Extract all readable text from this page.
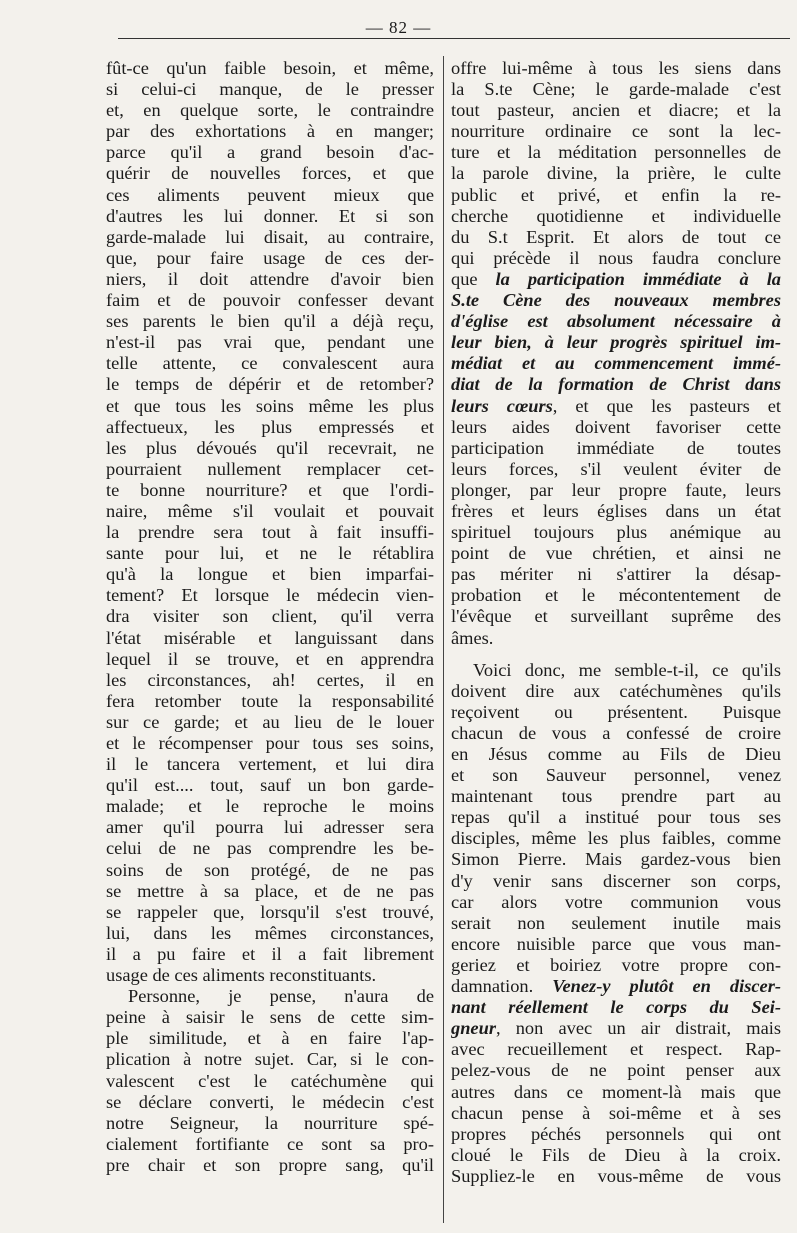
— 82 —
fût-ce qu'un faible besoin, et même,
si celui-ci manque, de le presser
et, en quelque sorte, le contraindre
par des exhortations à en manger;
parce qu'il a grand besoin d'ac-
quérir de nouvelles forces, et que
ces aliments peuvent mieux que
d'autres les lui donner. Et si son
garde-malade lui disait, au contraire,
que, pour faire usage de ces der-
niers, il doit attendre d'avoir bien
faim et de pouvoir confesser devant
ses parents le bien qu'il a déjà reçu,
n'est-il pas vrai que, pendant une
telle attente, ce convalescent aura
le temps de dépérir et de retomber?
et que tous les soins même les plus
affectueux, les plus empressés et
les plus dévoués qu'il recevrait, ne
pourraient nullement remplacer cet-
te bonne nourriture? et que l'ordi-
naire, même s'il voulait et pouvait
la prendre sera tout à fait insuffi-
sante pour lui, et ne le rétablira
qu'à la longue et bien imparfai-
tement? Et lorsque le médecin vien-
dra visiter son client, qu'il verra
l'état misérable et languissant dans
lequel il se trouve, et en apprendra
les circonstances, ah! certes, il en
fera retomber toute la responsabilité
sur ce garde; et au lieu de le louer
et le récompenser pour tous ses soins,
il le tancera vertement, et lui dira
qu'il est.... tout, sauf un bon garde-
malade; et le reproche le moins
amer qu'il pourra lui adresser sera
celui de ne pas comprendre les be-
soins de son protégé, de ne pas
se mettre à sa place, et de ne pas
se rappeler que, lorsqu'il s'est trouvé,
lui, dans les mêmes circonstances,
il a pu faire et il a fait librement
usage de ces aliments reconstituants.
Personne, je pense, n'aura de
peine à saisir le sens de cette sim-
ple similitude, et à en faire l'ap-
plication à notre sujet. Car, si le con-
valescent c'est le catéchumène qui
se déclare converti, le médecin c'est
notre Seigneur, la nourriture spé-
cialement fortifiante ce sont sa pro-
pre chair et son propre sang, qu'il
offre lui-même à tous les siens dans
la S.te Cène; le garde-malade c'est
tout pasteur, ancien et diacre; et la
nourriture ordinaire ce sont la lec-
ture et la méditation personnelles de
la parole divine, la prière, le culte
public et privé, et enfin la re-
cherche quotidienne et individuelle
du S.t Esprit. Et alors de tout ce
qui précède il nous faudra conclure
que la participation immédiate à la
S.te Cène des nouveaux membres
d'église est absolument nécessaire à
leur bien, à leur progrès spirituel im-
médiat et au commencement immé-
diat de la formation de Christ dans
leurs cœurs, et que les pasteurs et
leurs aides doivent favoriser cette
participation immédiate de toutes
leurs forces, s'il veulent éviter de
plonger, par leur propre faute, leurs
frères et leurs églises dans un état
spirituel toujours plus anémique au
point de vue chrétien, et ainsi ne
pas mériter ni s'attirer la désap-
probation et le mécontentement de
l'évêque et surveillant suprême des
âmes.
Voici donc, me semble-t-il, ce qu'ils
doivent dire aux catéchumènes qu'ils
reçoivent ou présentent. Puisque
chacun de vous a confessé de croire
en Jésus comme au Fils de Dieu
et son Sauveur personnel, venez
maintenant tous prendre part au
repas qu'il a institué pour tous ses
disciples, même les plus faibles, comme
Simon Pierre. Mais gardez-vous bien
d'y venir sans discerner son corps,
car alors votre communion vous
serait non seulement inutile mais
encore nuisible parce que vous man-
geriez et boiriez votre propre con-
damnation. Venez-y plutôt en discer-
nant réellement le corps du Sei-
gneur, non avec un air distrait, mais
avec recueillement et respect. Rap-
pelez-vous de ne point penser aux
autres dans ce moment-là mais que
chacun pense à soi-même et à ses
propres péchés personnels qui ont
cloué le Fils de Dieu à la croix.
Suppliez-le en vous-même de vous
